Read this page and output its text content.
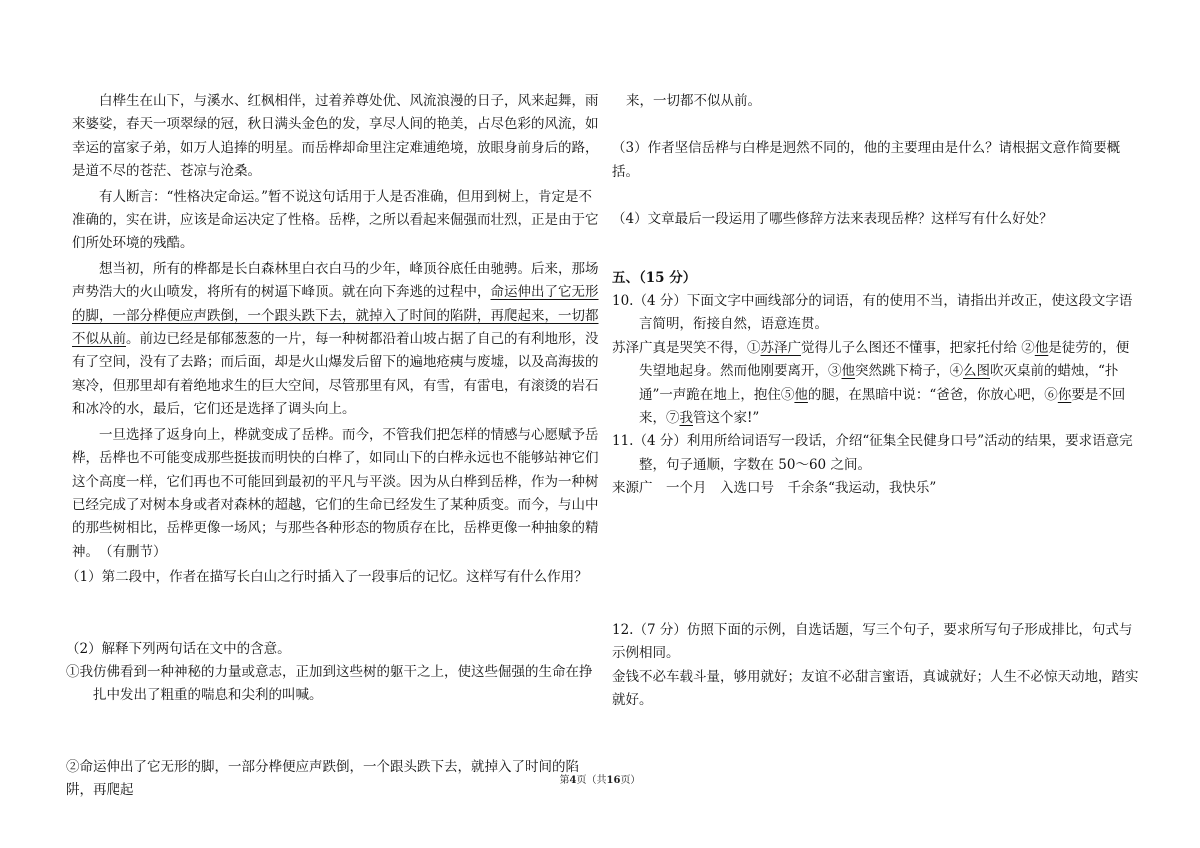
白桦生在山下，与溪水、红枫相伴，过着养尊处优、风流浪漫的日子，风来起舞，雨来婆娑，春天一项翠绿的冠，秋日满头金色的发，享尽人间的艳美，占尽色彩的风流，如幸运的富家子弟，如万人追捧的明星。而岳桦却命里注定难逋绝境，放眼身前身后的路，是道不尽的苍茫、苍凉与沧桑。

有人断言：“性格决定命运。”暂不说这句话用于人是否准确，但用到树上，肯定是不准确的，实在讲，应该是命运决定了性格。岳桦，之所以看起来倔强而壮烈，正是由于它们所处环境的残酷。

想当初，所有的桦都是长白森林里白衣白马的少年，峰顶谷底任由驰骋。后来，那场声势浩大的火山喷发，将所有的树逼下峰顶。就在向下奔逃的过程中，命运伸出了它无形的脚，一部分桦便应声跌倒，一个跟头跌下去，就掉入了时间的陷阱，再爬起来，一切都不似从前。前边已经是郁郁葱葱的一片，每一种树都沿着山坡占据了自己的有利地形，没有了空间，没有了去路；而后面，却是火山爆发后留下的遍地疮痍与废墟，以及高海拔的寒冷，但那里却有着绝地求生的巨大空间，尽管那里有风，有雪，有雷电，有滚烫的岩石和冰冷的水，最后，它们还是选择了调头向上。

一旦选择了返身向上，桦就变成了岳桦。而今，不管我们把怎样的情感与心愿赋予岳桦，岳桦也不可能变成那些挺拔而明快的白桦了，如同山下的白桦永远也不能够站神它们这个高度一样，它们再也不可能回到最初的平凡与平淡。因为从白桦到岳桦，作为一种树已经完成了对树本身或者对森林的超越，它们的生命已经发生了某种质变。而今，与山中的那些树相比，岳桦更像一场风；与那些各种形态的物质存在比，岳桦更像一种抽象的精神。　 （有删节）

（1）第二段中，作者在描写长白山之行时插入了一段事后的记忆。这样写有什么作用？

（2）解释下列两句话在文中的含意。

①我仿佛看到一种神秘的力量或意志，正加到这些树的躯干之上，使这些倔强的生命在挣扎中发出了粗重的喘息和尖利的叫喊。

②命运伸出了它无形的脚，一部分桦便应声跌倒，一个跟头跌下去，就掉入了时间的陷阱，再爬起

来，一切都不似从前。

（3）作者坚信岳桦与白桦是迥然不同的，他的主要理由是什么？请根据文意作简要概括。

（4）文章最后一段运用了哪些修辞方法来表现岳桦？这样写有什么好处？

五、（15 分）

10.（4 分）下面文字中画线部分的词语，有的使用不当，请指出并改正，使这段文字语言简明，衔接自然，语意连贯。

苏泽广真是哭笑不得，①苏泽广觉得儿子么图还不懂事，把家托付给 ②他是徒劳的，便失望地起身。然而他刚要离开，③他突然跳下椅子，④么图吹灭桌前的蜡烛，“扑通”一声跪在地上，抱住⑤他的腿，在黑暗中说：“爸爸，你放心吧，⑥你要是不回来，⑦我管这个家!”

11.（4 分）利用所给词语写一段话，介绍“征集全民健身口号”活动的结果，要求语意完整，句子通顺，字数在 50～60 之间。

来源广　一个月　入选口号　千余条“我运动，我快乐”

12.（7 分）仿照下面的示例，自选话题，写三个句子，要求所写句子形成排比，句式与示例相同。

金钱不必车载斗量，够用就好；友谊不必甜言蜜语，真诚就好；人生不必惊天动地，踏实就好。

第4页（共16页）
